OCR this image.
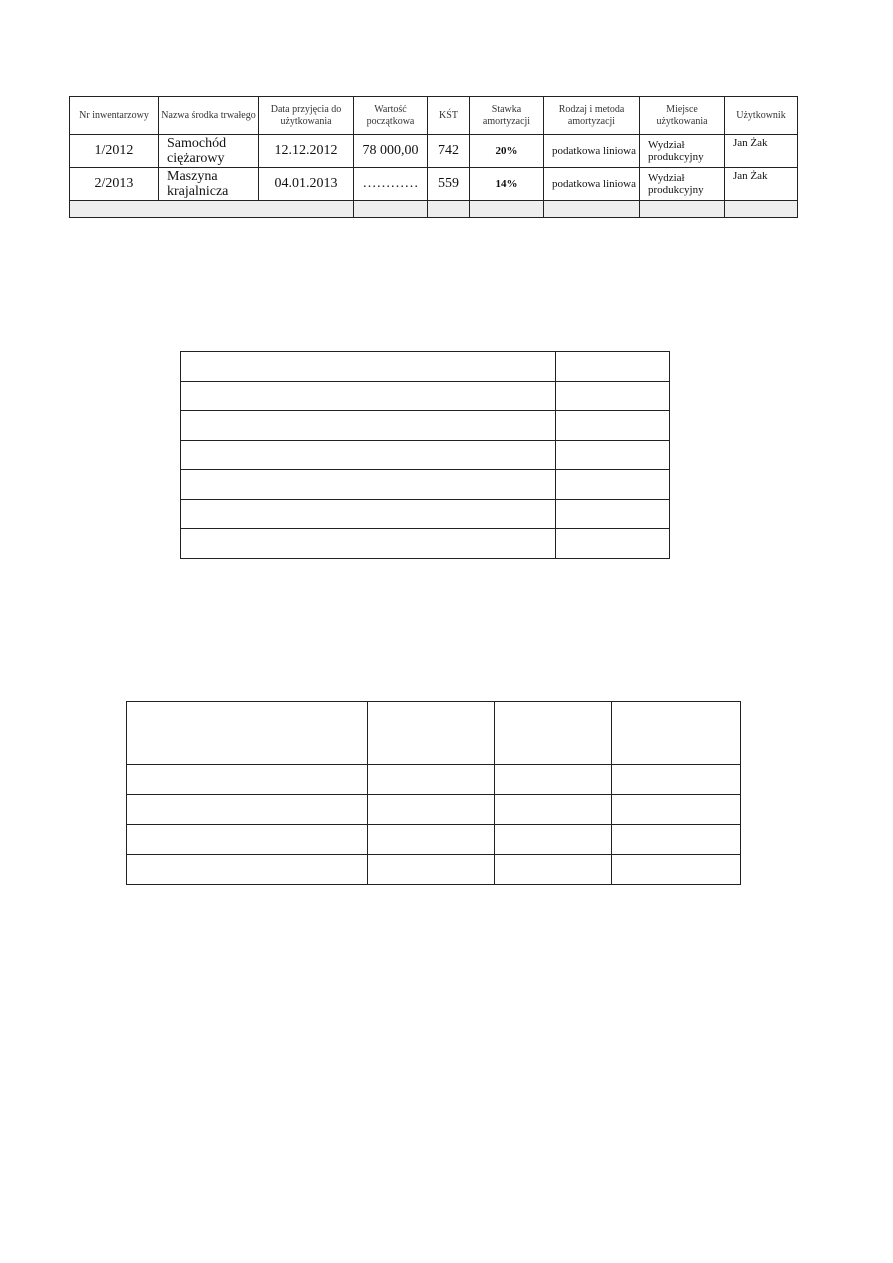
Nr inwentarzowy	Nazwa środka trwałego	Data przyjęcia do użytkowania	Wartość początkowa	KŚT	Stawka amortyzacji	Rodzaj i metoda amortyzacji	Miejsce użytkowania	Użytkownik
1/2012	Samochód ciężarowy	12.12.2012	78 000,00	742	20%	podatkowa liniowa	Wydział produkcyjny	Jan Żak
2/2013	Maszyna krajalnicza	04.01.2013	…………	559	14%	podatkowa liniowa	Wydział produkcyjny	Jan Żak
